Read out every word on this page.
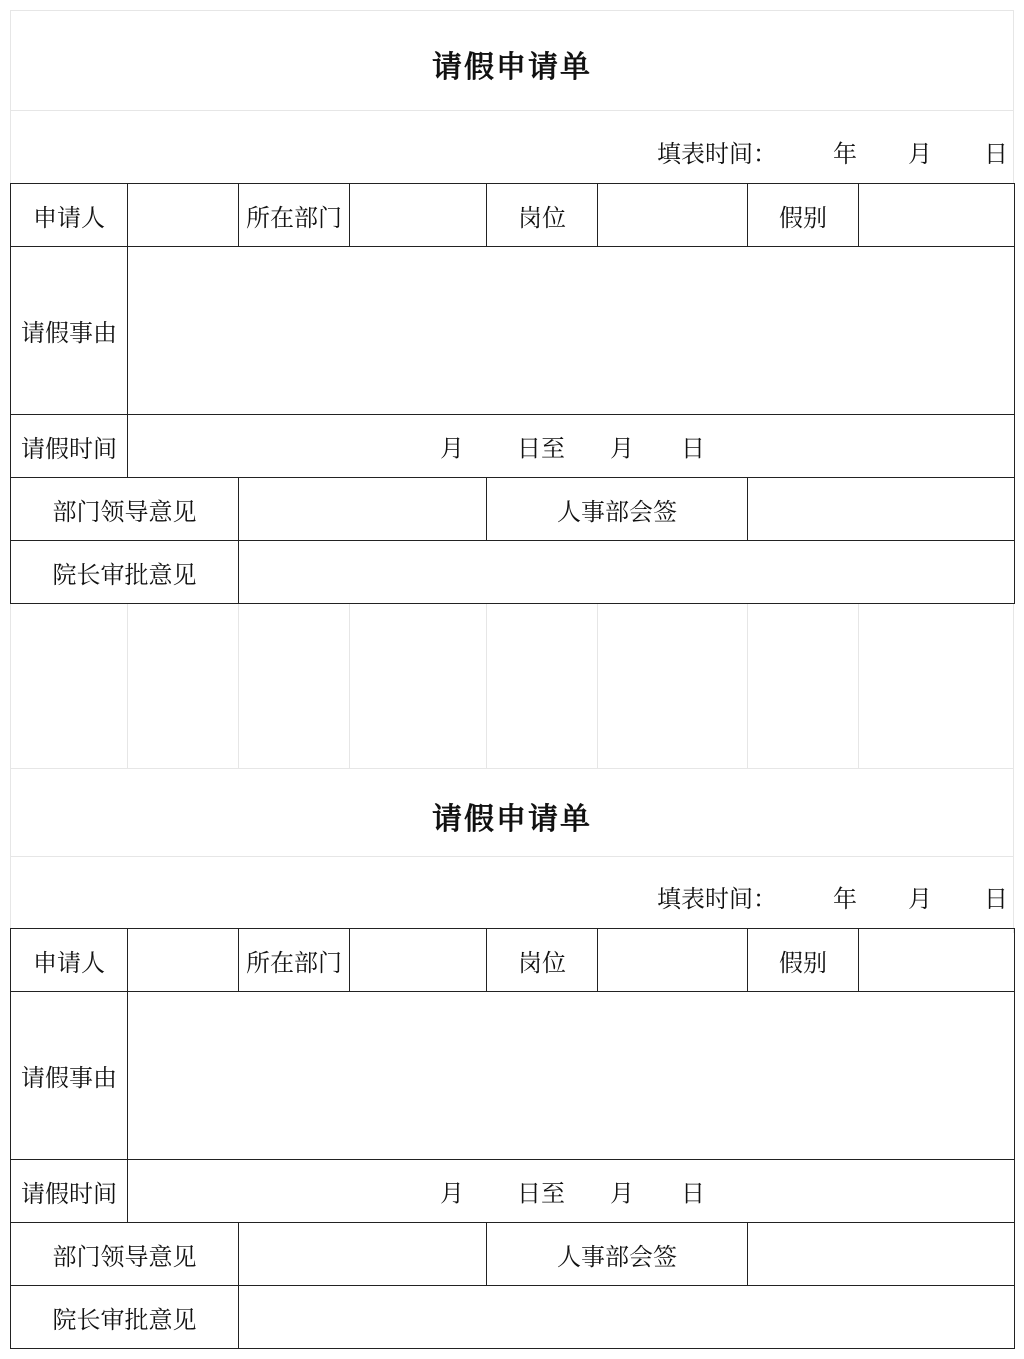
请假申请单
填表时间： 年 月 日
申请人		所在部门		岗位		假别	
请假事由							
请假时间	月 日至 月 日						

部门领导意见				人事部会签			
院长审批意见							
请假申请单
填表时间： 年 月 日
申请人		所在部门		岗位		假别	
请假事由							
请假时间	月 日至 月 日						

部门领导意见				人事部会签			
院长审批意见							
